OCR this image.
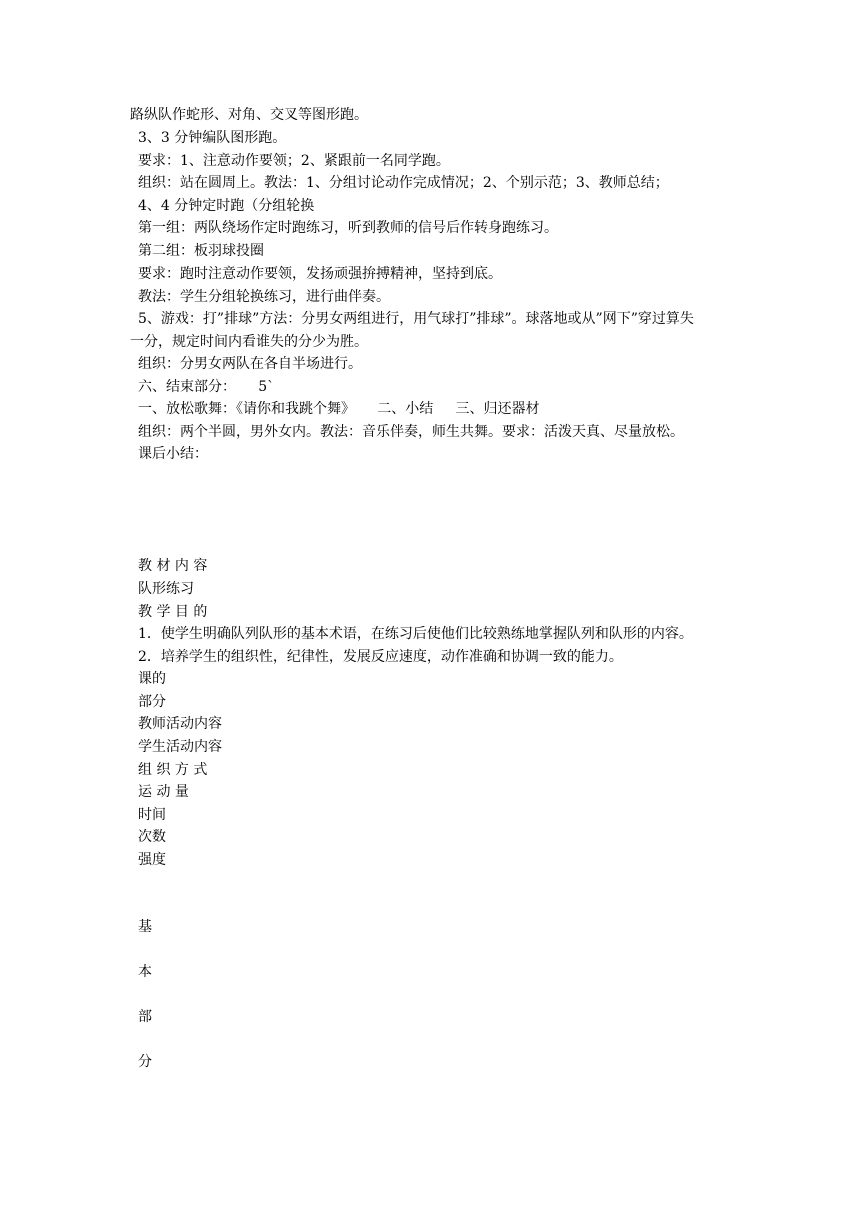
路纵队作蛇形、对角、交叉等图形跑。
3、3 分钟编队图形跑。
要求：1、注意动作要领；2、紧跟前一名同学跑。
组织：站在圆周上。教法：1、分组讨论动作完成情况；2、个别示范；3、教师总结；
4、4 分钟定时跑（分组轮换
第一组：两队绕场作定时跑练习，听到教师的信号后作转身跑练习。
第二组：板羽球投圈
要求：跑时注意动作要领，发扬顽强拚搏精神，坚持到底。
教法：学生分组轮换练习，进行曲伴奏。
5、游戏：打”排球”方法：分男女两组进行，用气球打”排球”。球落地或从”网下”穿过算失
一分，规定时间内看谁失的分少为胜。
组织：分男女两队在各自半场进行。
六、结束部分：     5`
一、放松歌舞：《请你和我跳个舞》     二、小结     三、归还器材
组织：两个半圆，男外女内。教法：音乐伴奏，师生共舞。要求：活泼天真、尽量放松。
课后小结：
教 材 内 容
队形练习
教 学 目 的
1．使学生明确队列队形的基本术语，在练习后使他们比较熟练地掌握队列和队形的内容。
2．培养学生的组织性，纪律性，发展反应速度，动作准确和协调一致的能力。
课的
部分
教师活动内容
学生活动内容
组 织 方 式
运 动 量
时间
次数
强度
基
本
部
分
